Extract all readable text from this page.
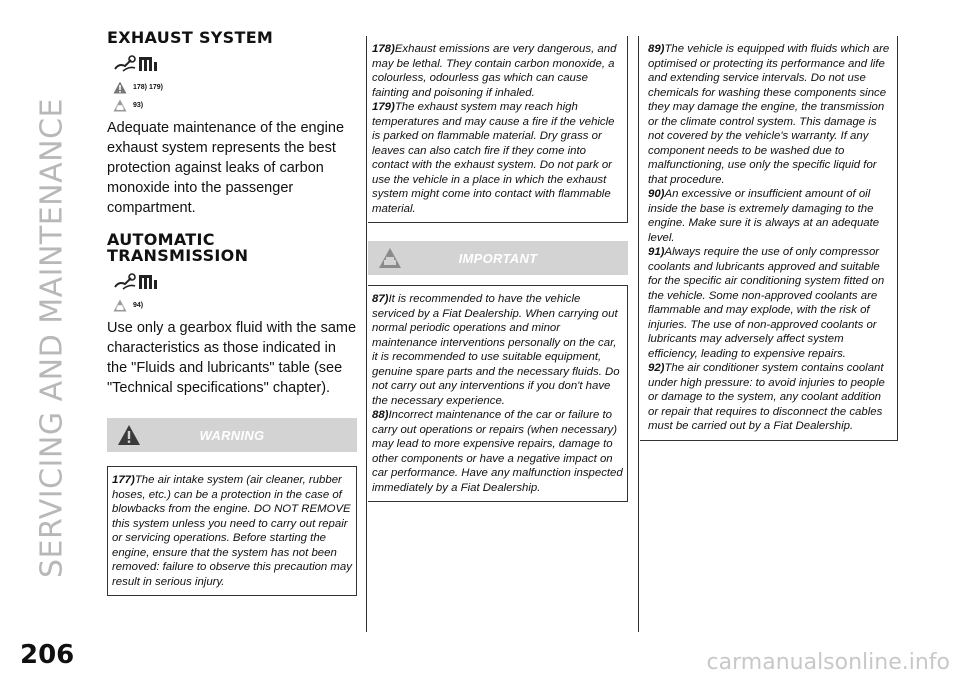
SERVICING AND MAINTENANCE
EXHAUST SYSTEM
178) 179)
93)

Adequate maintenance of the engine exhaust system represents the best protection against leaks of carbon monoxide into the passenger compartment.

AUTOMATIC
TRANSMISSION
94)

Use only a gearbox fluid with the same characteristics as those indicated in the "Fluids and lubricants" table (see "Technical specifications" chapter).

WARNING

177)The air intake system (air cleaner, rubber hoses, etc.) can be a protection in the case of blowbacks from the engine. DO NOT REMOVE this system unless you need to carry out repair or servicing operations. Before starting the engine, ensure that the system has not been removed: failure to observe this precaution may result in serious injury.

178)Exhaust emissions are very dangerous, and may be lethal. They contain carbon monoxide, a colourless, odourless gas which can cause fainting and poisoning if inhaled.

179)The exhaust system may reach high temperatures and may cause a fire if the vehicle is parked on flammable material. Dry grass or leaves can also catch fire if they come into contact with the exhaust system. Do not park or use the vehicle in a place in which the exhaust system might come into contact with flammable material.

IMPORTANT

87)It is recommended to have the vehicle serviced by a Fiat Dealership. When carrying out normal periodic operations and minor maintenance interventions personally on the car, it is recommended to use suitable equipment, genuine spare parts and the necessary fluids. Do not carry out any interventions if you don't have the necessary experience.

88)Incorrect maintenance of the car or failure to carry out operations or repairs (when necessary) may lead to more expensive repairs, damage to other components or have a negative impact on car performance. Have any malfunction inspected immediately by a Fiat Dealership.

89)The vehicle is equipped with fluids which are optimised or protecting its performance and life and extending service intervals. Do not use chemicals for washing these components since they may damage the engine, the transmission or the climate control system. This damage is not covered by the vehicle's warranty. If any component needs to be washed due to malfunctioning, use only the specific liquid for that procedure.

90)An excessive or insufficient amount of oil inside the base is extremely damaging to the engine. Make sure it is always at an adequate level.

91)Always require the use of only compressor coolants and lubricants approved and suitable for the specific air conditioning system fitted on the vehicle. Some non-approved coolants are flammable and may explode, with the risk of injuries. The use of non-approved coolants or lubricants may adversely affect system efficiency, leading to expensive repairs.

92)The air conditioner system contains coolant under high pressure: to avoid injuries to people or damage to the system, any coolant addition or repair that requires to disconnect the cables must be carried out by a Fiat Dealership.

206	carmanualsonline.info
